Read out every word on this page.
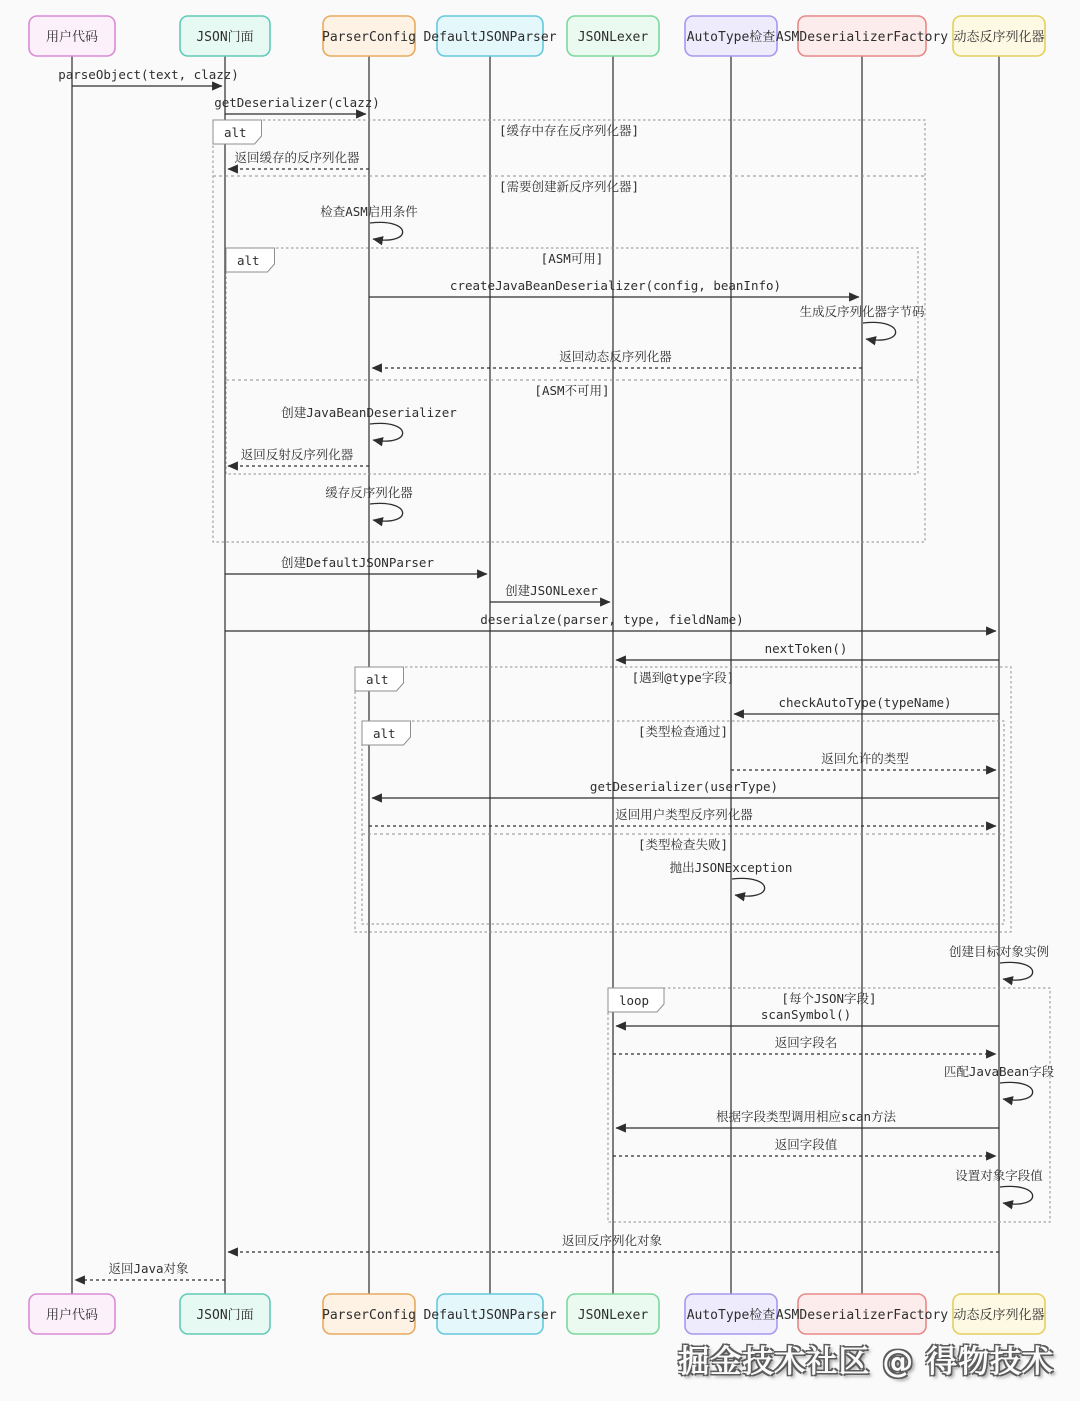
alt	[缓存中存在反序列化器]
[需要创建新反序列化器]
alt	[ASM可用]
[ASM不可用]
alt	[遇到@type字段]
alt	[类型检查通过]
[类型检查失败]
loop	[每个JSON字段]
parseObject(text, clazz)
getDeserializer(clazz)
返回缓存的反序列化器
检查ASM启用条件
createJavaBeanDeserializer(config, beanInfo)
生成反序列化器字节码
返回动态反序列化器
创建JavaBeanDeserializer
返回反射反序列化器
缓存反序列化器
创建DefaultJSONParser
创建JSONLexer
deserialze(parser, type, fieldName)
nextToken()
checkAutoType(typeName)
返回允许的类型
getDeserializer(userType)
返回用户类型反序列化器
抛出JSONException
创建目标对象实例
scanSymbol()
返回字段名
匹配JavaBean字段
根据字段类型调用相应scan方法
返回字段值
设置对象字段值
返回反序列化对象
返回Java对象
用户代码	JSON门面	ParserConfig DefaultJSONParser JSONLexer	AutoType检查 ASMDeserializerFactory 动态反序列化器
用户代码	JSON门面	ParserConfig DefaultJSONParser JSONLexer	AutoType检查 ASMDeserializerFactory 动态反序列化器
掘金技术社区 @ 得物技术
